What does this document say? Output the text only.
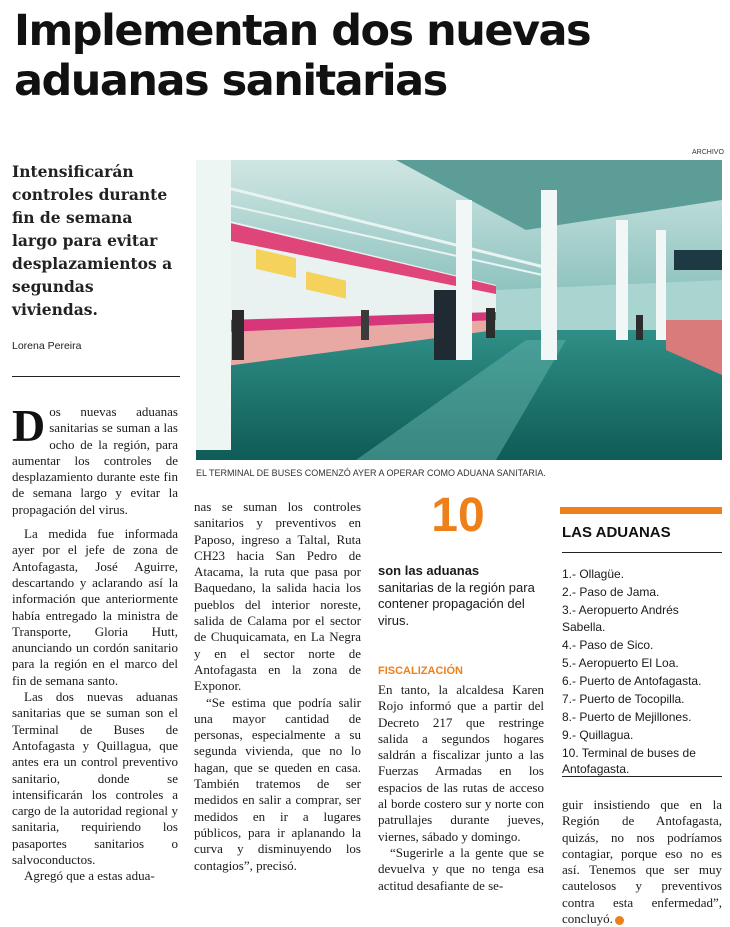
Implementan dos nuevas aduanas sanitarias

Intensificarán controles durante fin de semana largo para evitar desplazamientos a segundas viviendas.

Lorena Pereira
ARCHIVO
EL TERMINAL DE BUSES COMENZÓ AYER A OPERAR COMO ADUANA SANITARIA.

Dos nuevas aduanas sanitarias se suman a las ocho de la región, para aumentar los controles de desplazamiento durante este fin de semana largo y evitar la propagación del virus.

La medida fue informada ayer por el jefe de zona de Antofagasta, José Aguirre, descartando y aclarando así la información que anteriormente había entregado la ministra de Transporte, Gloria Hutt, anunciando un cordón sanitario para la región en el marco del fin de semana santo.

Las dos nuevas aduanas sanitarias que se suman son el Terminal de Buses de Antofagasta y Quillagua, que antes era un control preventivo sanitario, donde se intensificarán los controles a cargo de la autoridad regional y sanitaria, requiriendo los pasaportes sanitarios o salvoconductos.

Agregó que a estas adua-

nas se suman los controles sanitarios y preventivos en Paposo, ingreso a Taltal, Ruta CH23 hacia San Pedro de Atacama, la ruta que pasa por Baquedano, la salida hacia los pueblos del interior noreste, salida de Calama por el sector de Chuquicamata, en La Negra y en el sector norte de Antofagasta en la zona de Exponor.

“Se estima que podría salir una mayor cantidad de personas, especialmente a su segunda vivienda, que no lo hagan, que se queden en casa. También tratemos de ser medidos en salir a comprar, ser medidos en ir a lugares públicos, para ir aplanando la curva y disminuyendo los contagios”, precisó.

10
son las aduanas sanitarias de la región para contener propagación del virus.
FISCALIZACIÓN

En tanto, la alcaldesa Karen Rojo informó que a partir del Decreto 217 que restringe salida a segundos hogares saldrán a fiscalizar junto a las Fuerzas Armadas en los espacios de las rutas de acceso al borde costero sur y norte con patrullajes durante jueves, viernes, sábado y domingo.

“Sugerirle a la gente que se devuelva y que no tenga esa actitud desafiante de se-

LAS ADUANAS
1.- Ollagüe.
2.- Paso de Jama.
3.- Aeropuerto Andrés Sabella.
4.- Paso de Sico.
5.- Aeropuerto El Loa.
6.- Puerto de Antofagasta.
7.- Puerto de Tocopilla.
8.- Puerto de Mejillones.
9.- Quillagua.
10. Terminal de buses de Antofagasta.

guir insistiendo que en la Región de Antofagasta, quizás, no nos podríamos contagiar, porque eso no es así. Tenemos que ser muy cautelosos y preventivos contra esta enfermedad”, concluyó.
